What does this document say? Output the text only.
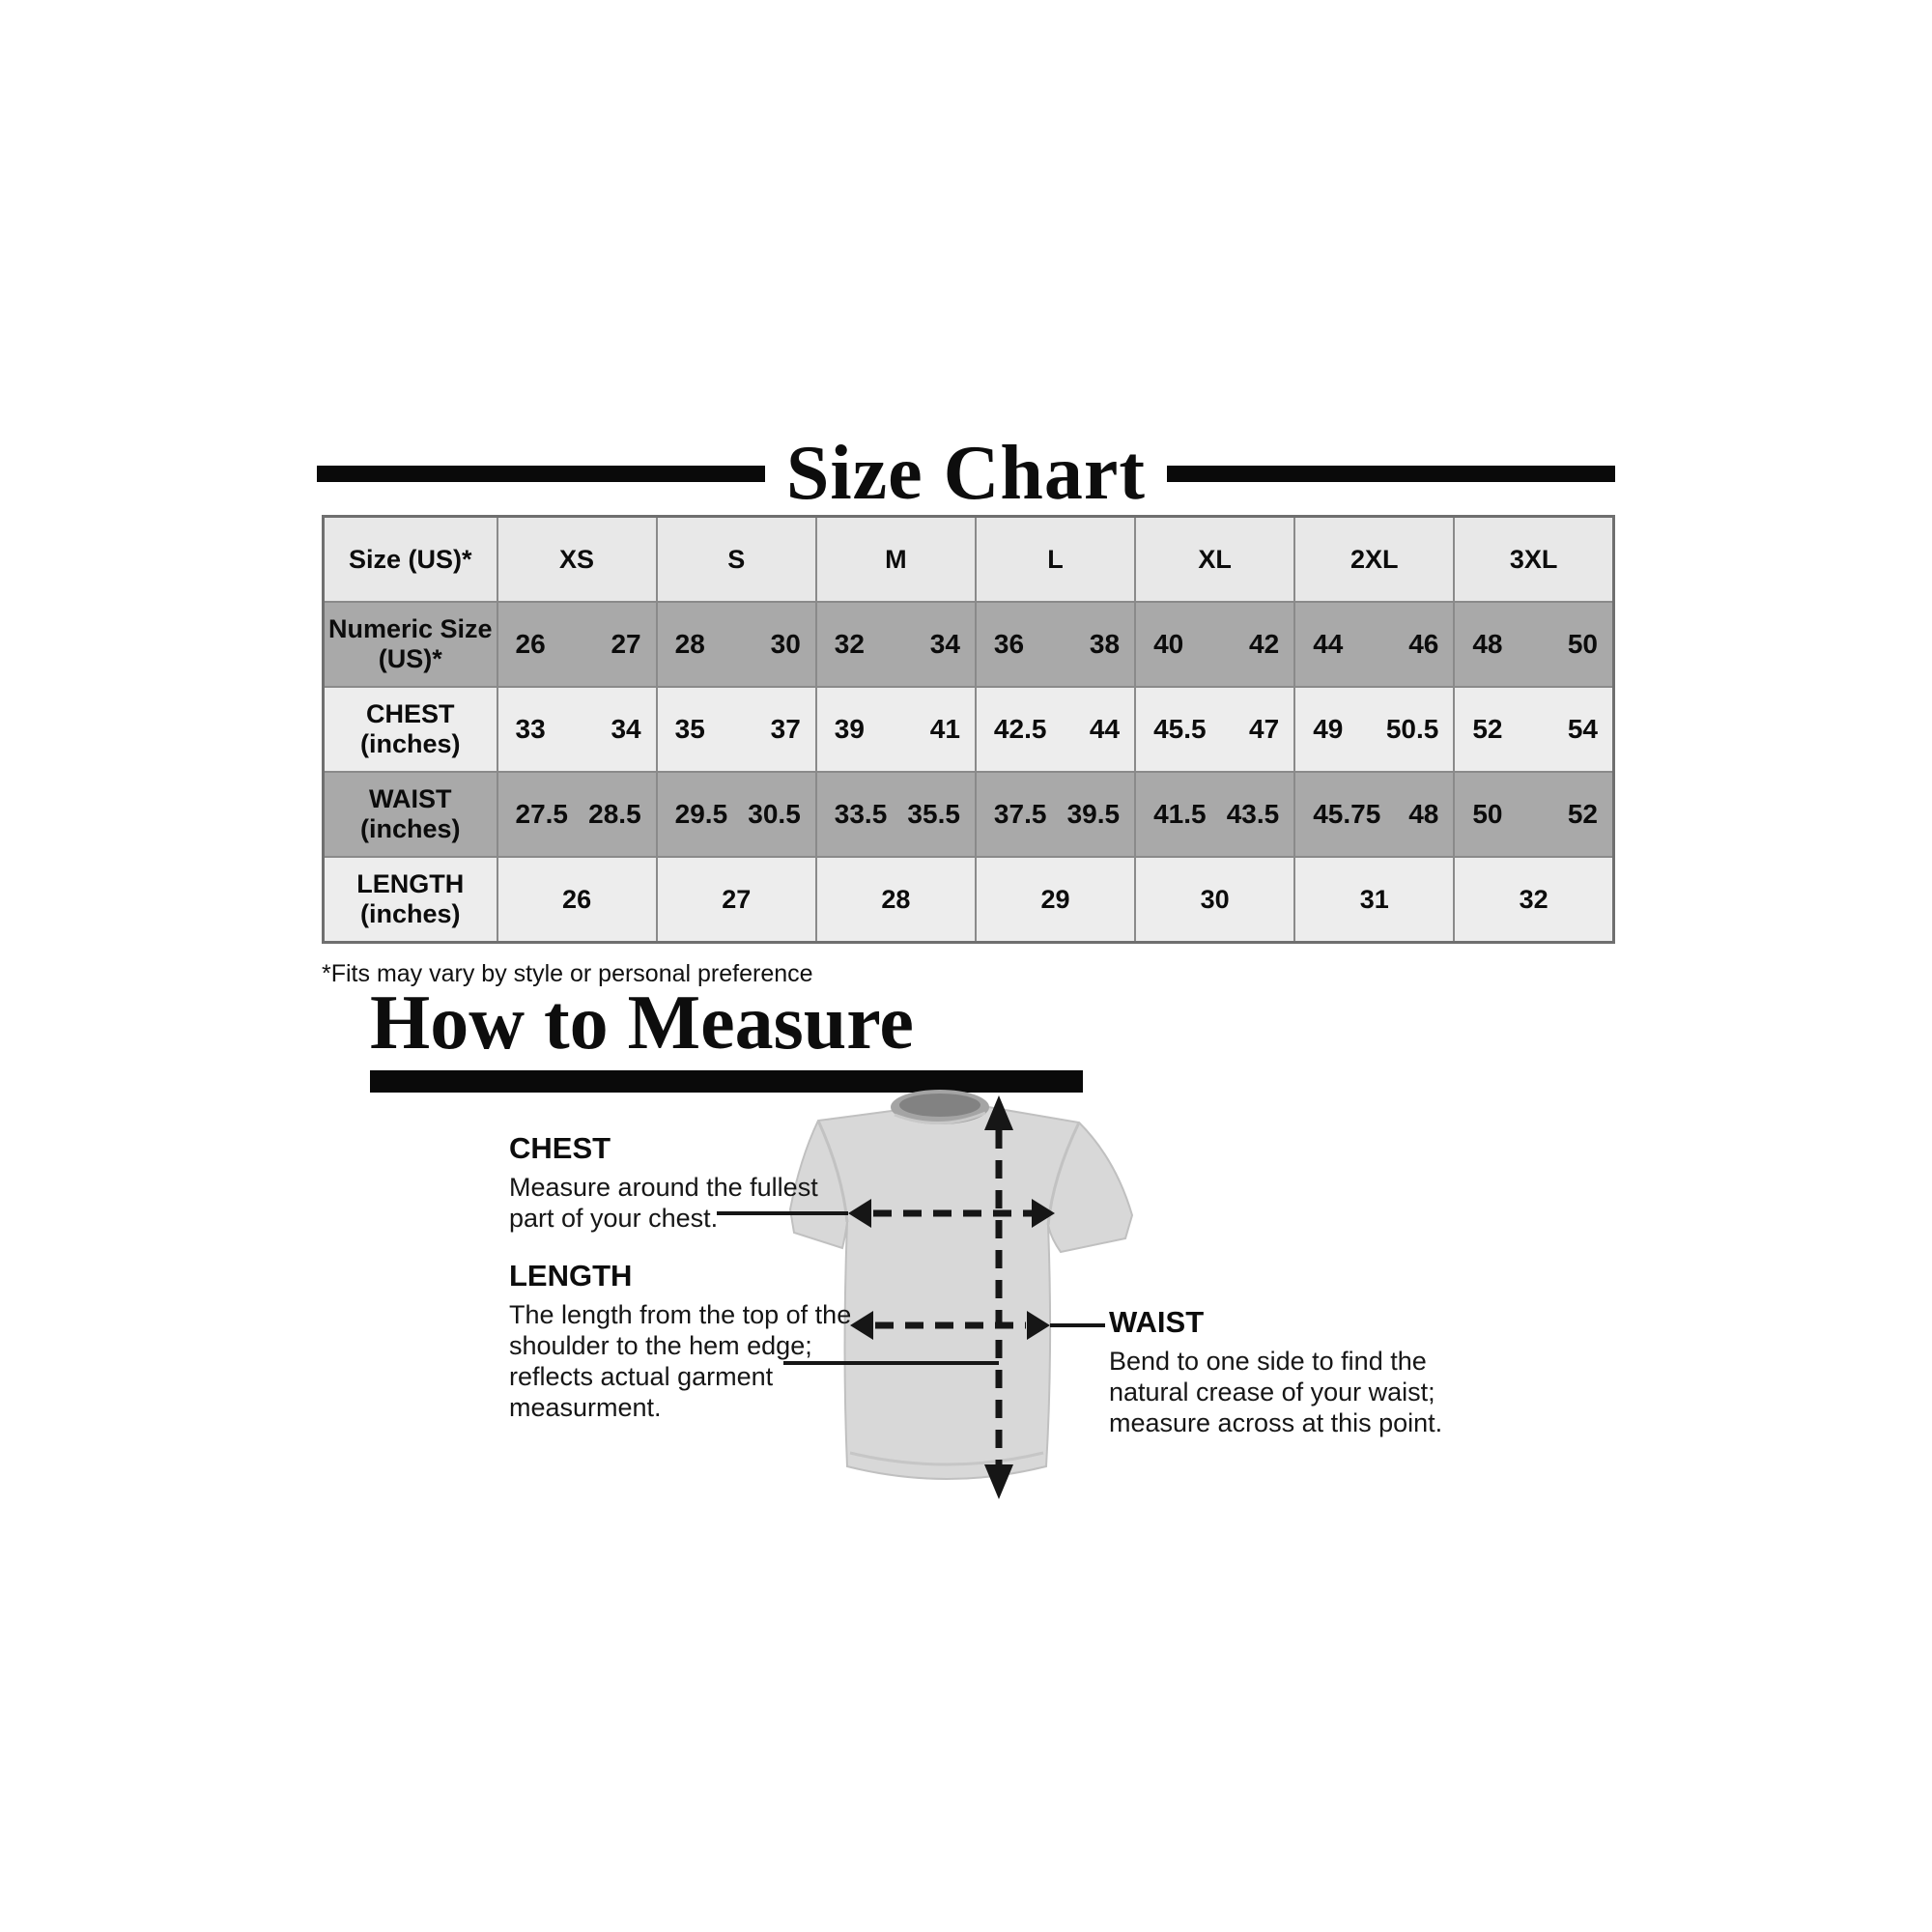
Size Chart
Size (US)*	XS	S	M	L	XL	2XL	3XL

Numeric Size
(US)*	26 27	28 30	32 34	36 38	40 42	44 46	48 50

CHEST
(inches)	33 34	35 37	39 41	42.5 44	45.5 47	49 50.5	52 54

WAIST
(inches)	27.5 28.5	29.5 30.5	33.5 35.5	37.5 39.5	41.5 43.5	45.75 48	50 52

LENGTH
(inches)	26	27	28	29	30	31	32
*Fits may vary by style or personal preference
How to Measure
CHEST
Measure around the fullest
part of your chest.
LENGTH
The length from the top of the
shoulder to the hem edge;
reflects actual garment
measurment.
WAIST
Bend to one side to find the
natural crease of your waist;
measure across at this point.
